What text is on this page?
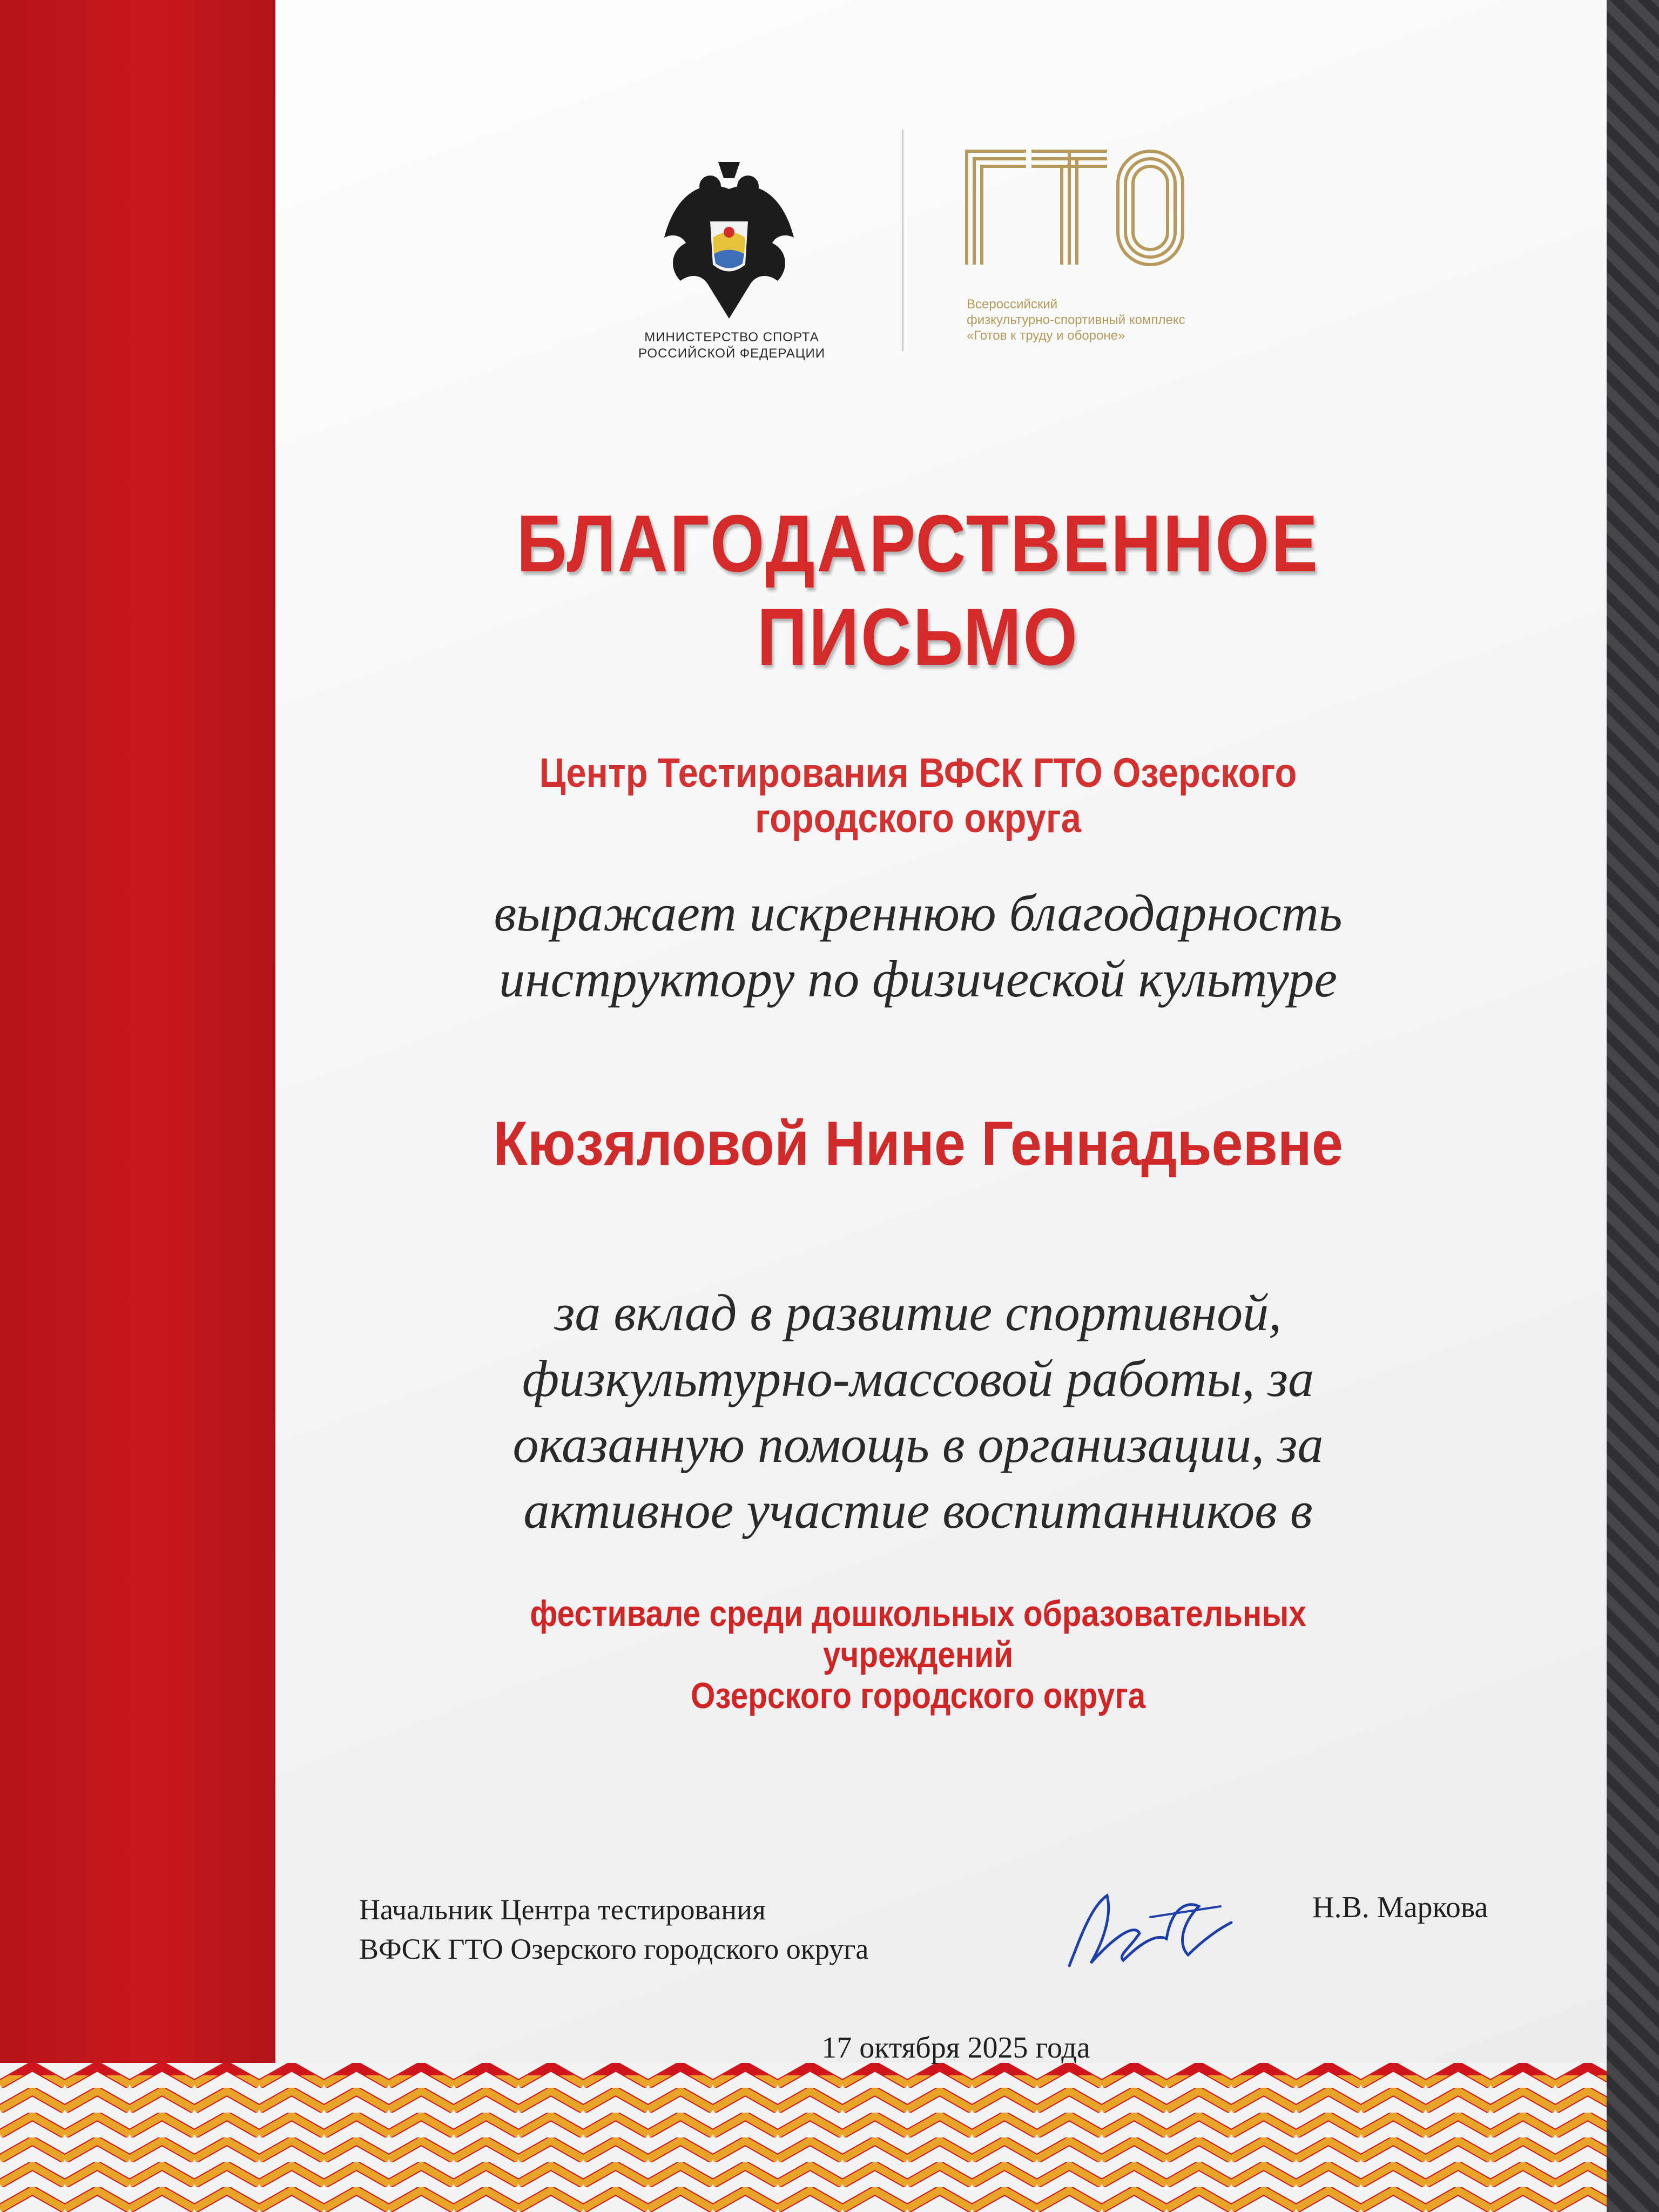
МИНИСТЕРСТВО СПОРТА
РОССИЙСКОЙ ФЕДЕРАЦИИ
ГТО
Всероссийский
физкультурно-спортивный комплекс
«Готов к труду и обороне»
БЛАГОДАРСТВЕННОЕ ПИСЬМО
Центр Тестирования ВФСК ГТО Озерского
городского округа
выражает искреннюю благодарность
инструктору по физической культуре
Кюзяловой Нине Геннадьевне
за вклад в развитие спортивной,
физкультурно-массовой работы, за
оказанную помощь в организации, за
активное участие воспитанников в
фестивале среди дошкольных образовательных учреждений
Озерского городского округа
Начальник Центра тестирования
ВФСК ГТО Озерского городского округа
Н.В. Маркова
17 октября 2025 года
